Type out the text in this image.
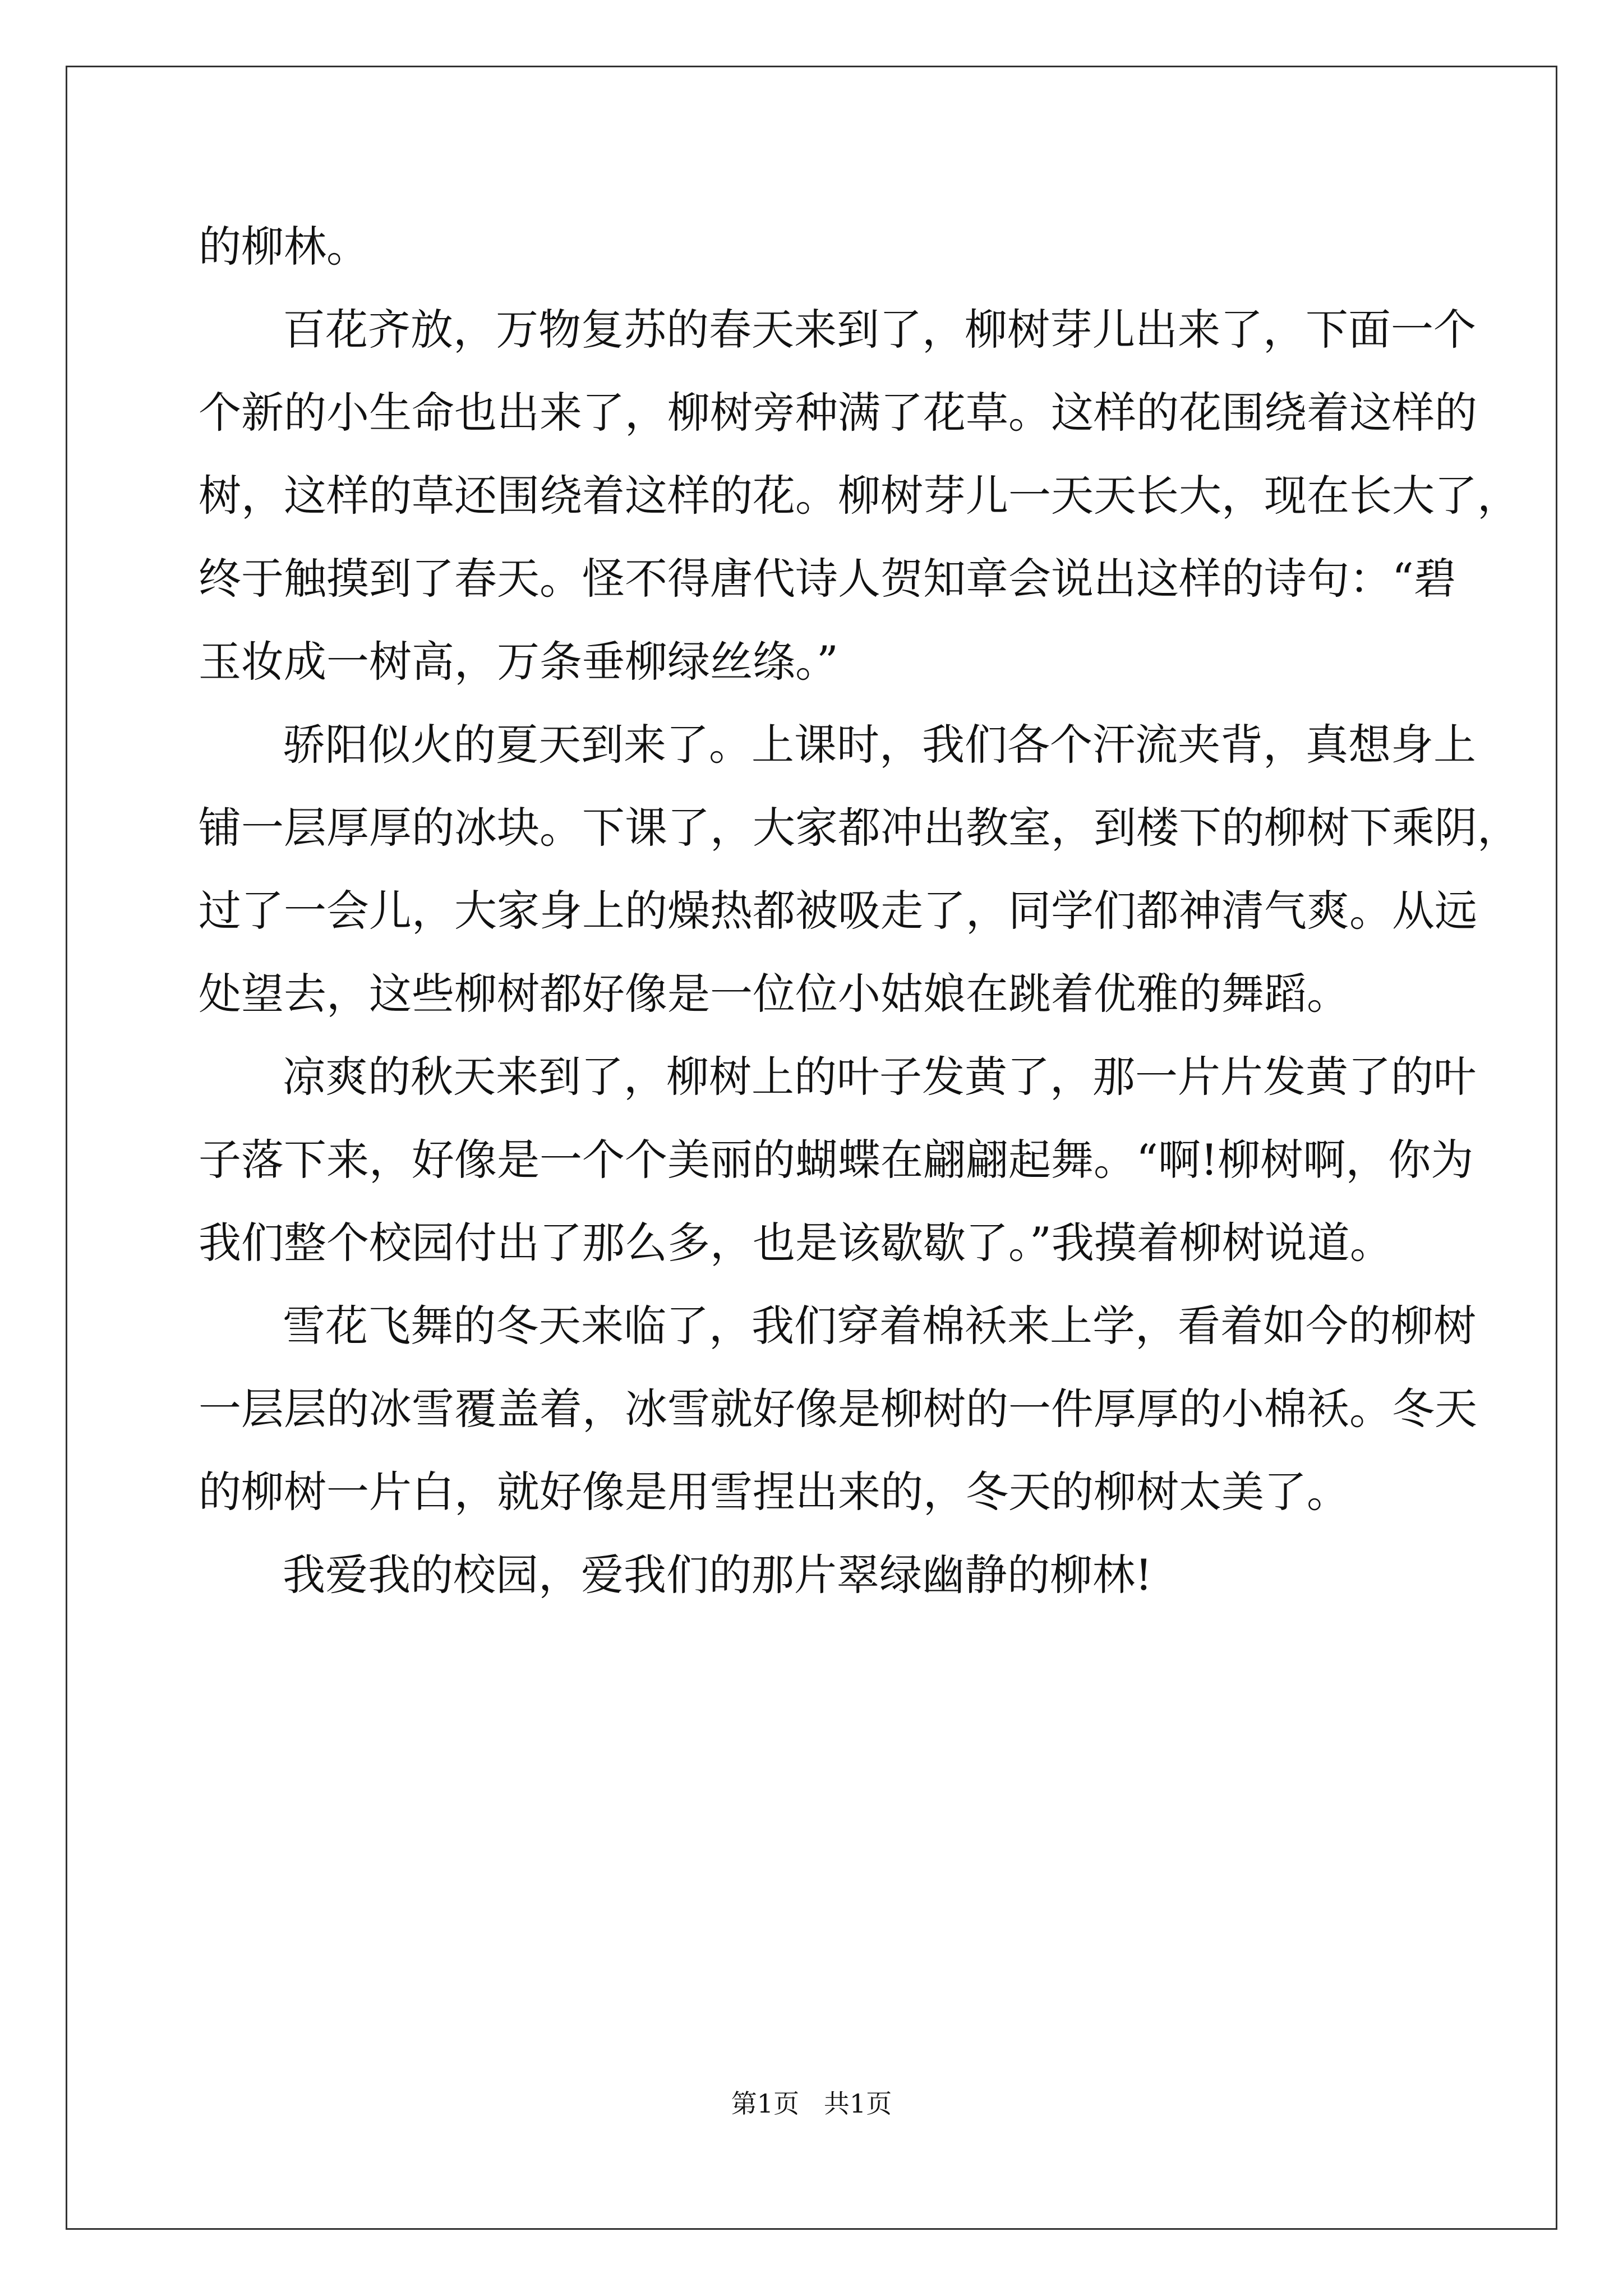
的柳林。
百花齐放，万物复苏的春天来到了，柳树芽儿出来了，下面一个
个新的小生命也出来了，柳树旁种满了花草。这样的花围绕着这样的
树，这样的草还围绕着这样的花。柳树芽儿一天天长大，现在长大了，
终于触摸到了春天。怪不得唐代诗人贺知章会说出这样的诗句：“碧
玉妆成一树高，万条垂柳绿丝绦。”
骄阳似火的夏天到来了。上课时，我们各个汗流夹背，真想身上
铺一层厚厚的冰块。下课了，大家都冲出教室，到楼下的柳树下乘阴，
过了一会儿，大家身上的燥热都被吸走了，同学们都神清气爽。从远
处望去，这些柳树都好像是一位位小姑娘在跳着优雅的舞蹈。
凉爽的秋天来到了，柳树上的叶子发黄了，那一片片发黄了的叶
子落下来，好像是一个个美丽的蝴蝶在翩翩起舞。“啊!柳树啊，你为
我们整个校园付出了那么多，也是该歇歇了。”我摸着柳树说道。
雪花飞舞的冬天来临了，我们穿着棉袄来上学，看着如今的柳树
一层层的冰雪覆盖着，冰雪就好像是柳树的一件厚厚的小棉袄。冬天
的柳树一片白，就好像是用雪捏出来的，冬天的柳树太美了。
我爱我的校园，爱我们的那片翠绿幽静的柳林!
第1页   共1页
